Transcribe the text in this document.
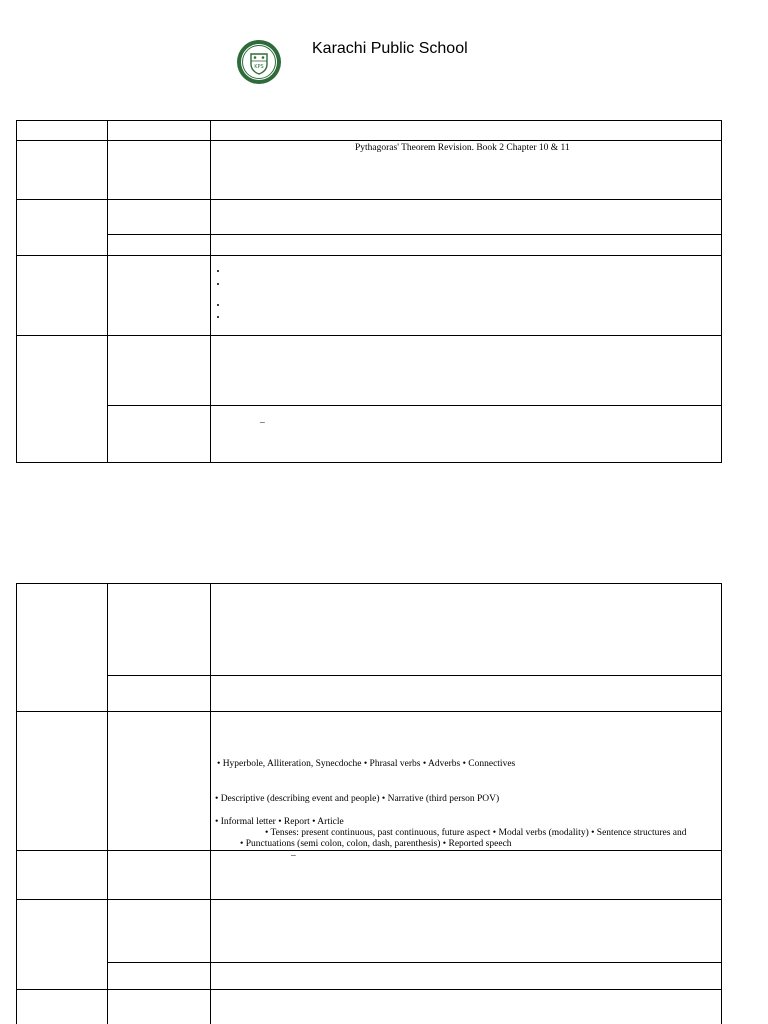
KPS
Karachi Public School
Pythagoras' Theorem Revision. Book 2 Chapter 10 & 11
–
• Hyperbole, Alliteration, Synecdoche • Phrasal verbs • Adverbs • Connectives
• Descriptive (describing event and people) • Narrative (third person POV)
• Informal letter • Report • Article
• Tenses: present continuous, past continuous, future aspect • Modal verbs (modality) • Sentence structures and
• Punctuations (semi colon, colon, dash, parenthesis) • Reported speech
–
